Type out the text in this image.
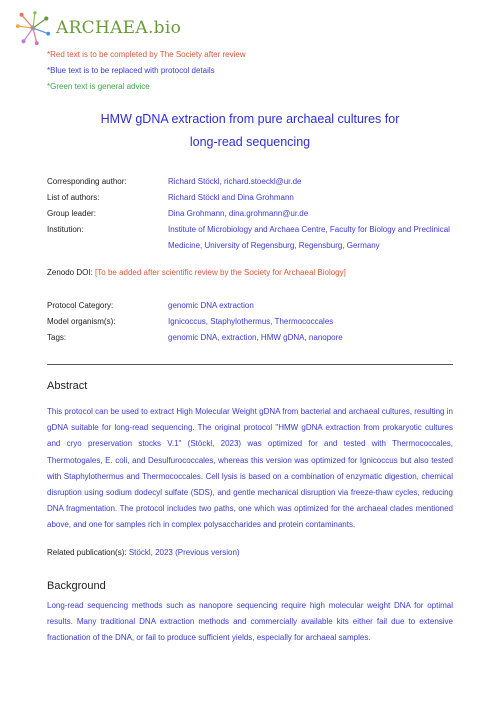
ARCHAEA.bio
*Red text is to be completed by The Society after review
*Blue text is to be replaced with protocol details
*Green text is general advice
HMW gDNA extraction from pure archaeal cultures for
long-read sequencing
Corresponding author:	Richard Stöckl, richard.stoeckl@ur.de
List of authors:	Richard Stöckl and Dina Grohmann
Group leader:	Dina Grohmann, dina.grohmann@ur.de
Institution:	Institute of Microbiology and Archaea Centre, Faculty for Biology and Preclinical Medicine, University of Regensburg, Regensburg, Germany
Zenodo DOI: [To be added after scientific review by the Society for Archaeal Biology]
Protocol Category:	genomic DNA extraction
Model organism(s):	Ignicoccus, Staphylothermus, Thermococcales
Tags:	genomic DNA, extraction, HMW gDNA, nanopore
Abstract
This protocol can be used to extract High Molecular Weight gDNA from bacterial and archaeal cultures, resulting in gDNA suitable for long-read sequencing. The original protocol "HMW gDNA extraction from prokaryotic cultures and cryo preservation stocks V.1" (Stöckl, 2023) was optimized for and tested with Thermococcales, Thermotogales, E. coli, and Desulfurococcales, whereas this version was optimized for Ignicoccus but also tested with Staphylothermus and Thermococcales. Cell lysis is based on a combination of enzymatic digestion, chemical disruption using sodium dodecyl sulfate (SDS), and gentle mechanical disruption via freeze-thaw cycles, reducing DNA fragmentation. The protocol includes two paths, one which was optimized for the archaeal clades mentioned above, and one for samples rich in complex polysaccharides and protein contaminants.
Related publication(s): Stöckl, 2023 (Previous version)
Background
Long-read sequencing methods such as nanopore sequencing require high molecular weight DNA for optimal results. Many traditional DNA extraction methods and commercially available kits either fail due to extensive fractionation of the DNA, or fail to produce sufficient yields, especially for archaeal samples.
